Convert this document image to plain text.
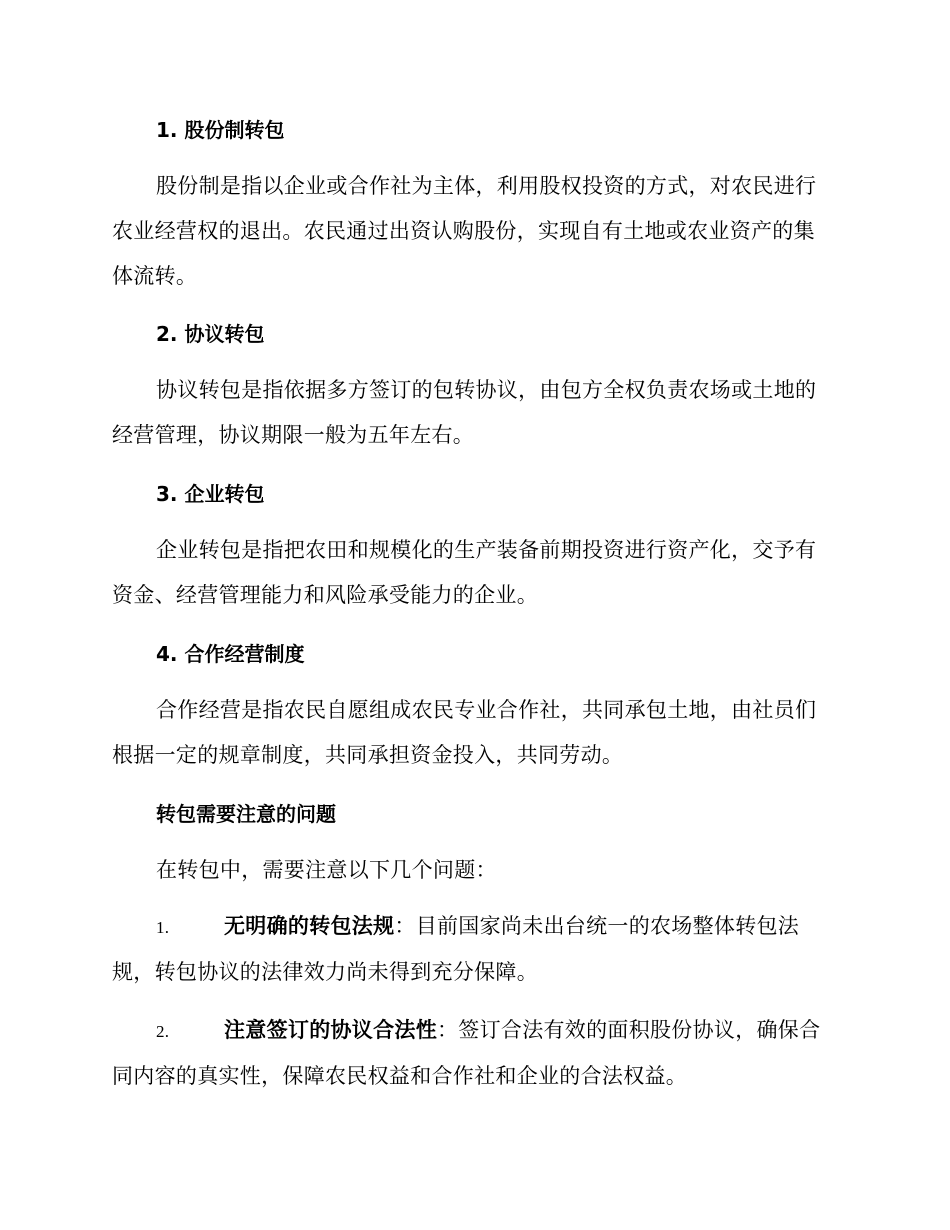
1. 股份制转包

股份制是指以企业或合作社为主体，利用股权投资的方式，对农民进行农业经营权的退出。农民通过出资认购股份，实现自有土地或农业资产的集体流转。

2. 协议转包

协议转包是指依据多方签订的包转协议，由包方全权负责农场或土地的经营管理，协议期限一般为五年左右。

3. 企业转包

企业转包是指把农田和规模化的生产装备前期投资进行资产化，交予有资金、经营管理能力和风险承受能力的企业。

4. 合作经营制度

合作经营是指农民自愿组成农民专业合作社，共同承包土地，由社员们根据一定的规章制度，共同承担资金投入，共同劳动。

转包需要注意的问题

在转包中，需要注意以下几个问题：

1.	无明确的转包法规：目前国家尚未出台统一的农场整体转包法规，转包协议的法律效力尚未得到充分保障。

2.	注意签订的协议合法性：签订合法有效的面积股份协议，确保合同内容的真实性，保障农民权益和合作社和企业的合法权益。
